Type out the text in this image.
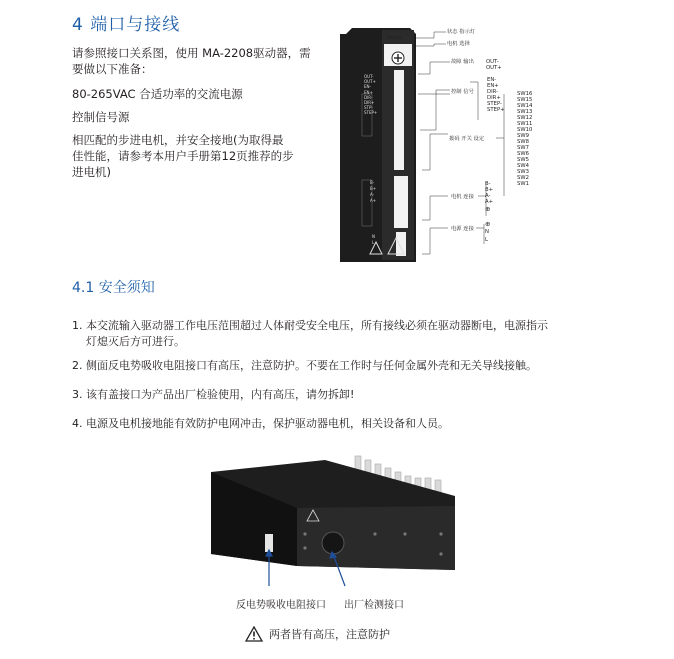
4 端口与接线
请参照接口关系图，使用 MA-2208驱动器，需
要做以下准备：
80-265VAC 合适功率的交流电源
控制信号源
相匹配的步进电机，并安全接地(为取得最
佳性能，请参考本用户手册第12页推荐的步
进电机)
Sikone
OUT-
OUT+
EN-
EN+
DIR-
DIR+
STP-
STEP+
B-
B+
A-
A+
N
L
状态 指示灯
电机 选择
故障 输出 OUT-
OUT+
控制 信号
EN-
EN+
DIR-
DIR+
STEP-
STEP+
拨码 开关 设定
SW16
SW15
SW14
SW13
SW12
SW11
SW10
SW9
SW8
SW7
SW6
SW5
SW4
SW3
SW2
SW1
电机 连接
B-
B+
A-
A+
⊕
电源 连接
⊕
N
L
4.1 安全须知
1. 本交流输入驱动器工作电压范围超过人体耐受安全电压，所有接线必须在驱动器断电，电源指示
灯熄灭后方可进行。
2. 侧面反电势吸收电阻接口有高压，注意防护。不要在工作时与任何金属外壳和无关导线接触。
3. 该有盖接口为产品出厂检验使用，内有高压，请勿拆卸!
4. 电源及电机接地能有效防护电网冲击，保护驱动器电机，相关设备和人员。
反电势吸收电阻接口 出厂检测接口
两者皆有高压，注意防护
